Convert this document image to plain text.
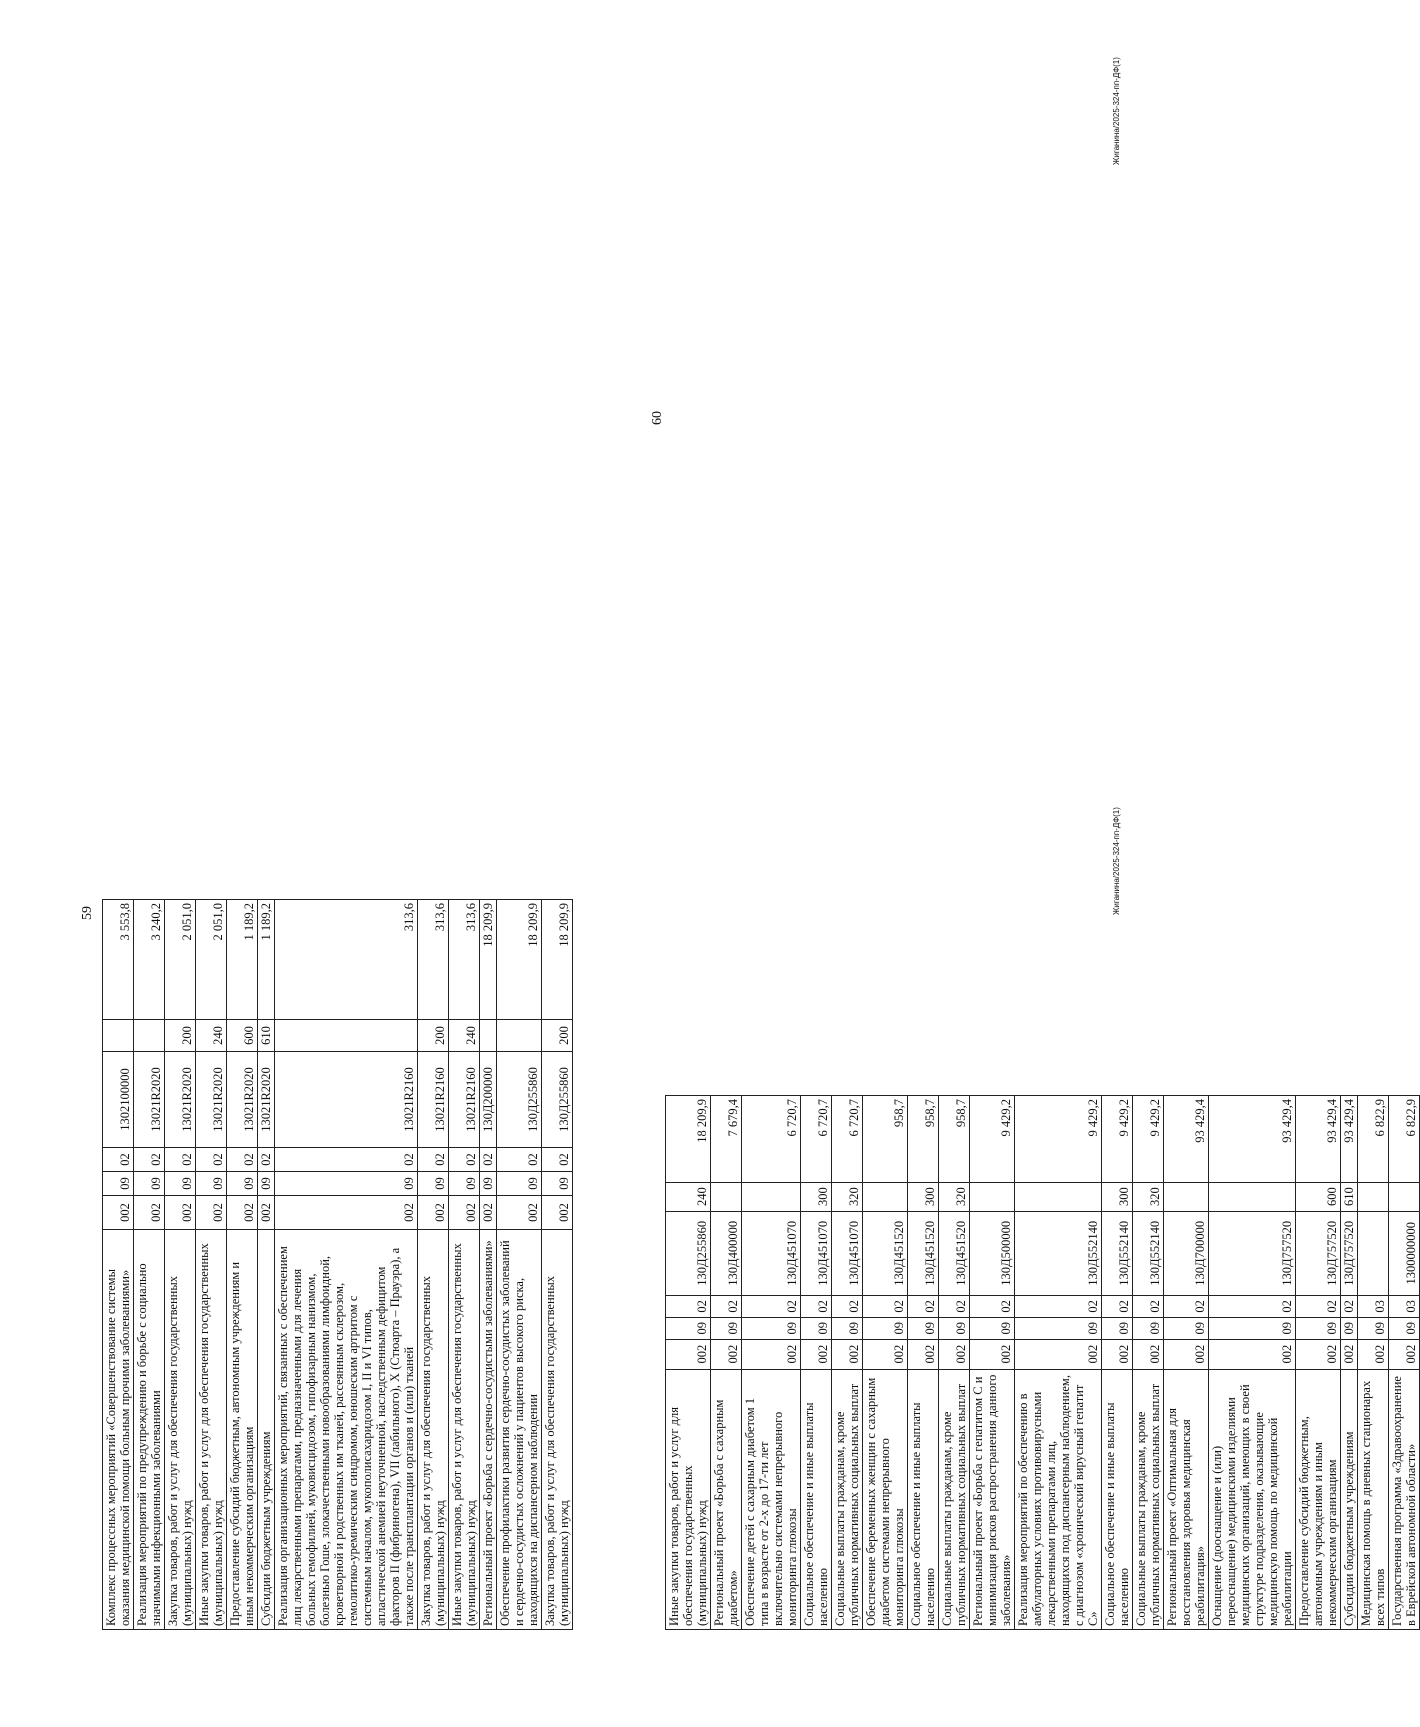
59
60
Комплекс процессных мероприятий «Совершенствование системы оказания медицинской помощи больным прочими заболеваниями»	002	09	02	1302100000		3 553,8
Реализация мероприятий по предупреждению и борьбе с социально значимыми инфекционными заболеваниями	002	09	02	13021R2020		3 240,2
Закупка товаров, работ и услуг для обеспечения государственных (муниципальных) нужд	002	09	02	13021R2020	200	2 051,0
Иные закупки товаров, работ и услуг для обеспечения государственных (муниципальных) нужд	002	09	02	13021R2020	240	2 051,0
Предоставление субсидий бюджетным, автономным учреждениям и иным некоммерческим организациям	002	09	02	13021R2020	600	1 189,2
Субсидии бюджетным учреждениям	002	09	02	13021R2020	610	1 189,2
Реализация организационных мероприятий, связанных с обеспечением лиц лекарственными препаратами, предназначенными для лечения больных гемофилией, муковисцидозом, гипофизарным нанизмом, болезнью Гоше, злокачественными новообразованиями лимфоидной, кроветворной и родственных им тканей, рассеянным склерозом, гемолитико-уремическим синдромом, юношеским артритом с системным началом, мукополисахаридозом I, II и VI типов, апластической анемией неуточненной, наследственным дефицитом факторов II (фибриногена), VII (лабильного), X (Стюарта – Прауэра), а также после трансплантации органов и (или) тканей	002	09	02	13021R2160		313,6
Закупка товаров, работ и услуг для обеспечения государственных (муниципальных) нужд	002	09	02	13021R2160	200	313,6
Иные закупки товаров, работ и услуг для обеспечения государственных (муниципальных) нужд	002	09	02	13021R2160	240	313,6
Региональный проект «Борьба с сердечно-сосудистыми заболеваниями»	002	09	02	130Д200000		18 209,9
Обеспечение профилактики развития сердечно-сосудистых заболеваний и сердечно-сосудистых осложнений у пациентов высокого риска, находящихся на диспансерном наблюдении	002	09	02	130Д255860		18 209,9
Закупка товаров, работ и услуг для обеспечения государственных (муниципальных) нужд	002	09	02	130Д255860	200	18 209,9
Иные закупки товаров, работ и услуг для обеспечения государственных (муниципальных) нужд	002	09	02	130Д255860	240	18 209,9
Региональный проект «Борьба с сахарным диабетом»	002	09	02	130Д400000		7 679,4
Обеспечение детей с сахарным диабетом 1 типа в возрасте от 2-х до 17-ти лет включительно системами непрерывного мониторинга глюкозы	002	09	02	130Д451070		6 720,7
Социальное обеспечение и иные выплаты населению	002	09	02	130Д451070	300	6 720,7
Социальные выплаты гражданам, кроме публичных нормативных социальных выплат	002	09	02	130Д451070	320	6 720,7
Обеспечение беременных женщин с сахарным диабетом системами непрерывного мониторинга глюкозы	002	09	02	130Д451520		958,7
Социальное обеспечение и иные выплаты населению	002	09	02	130Д451520	300	958,7
Социальные выплаты гражданам, кроме публичных нормативных социальных выплат	002	09	02	130Д451520	320	958,7
Региональный проект «Борьба с гепатитом С и минимизация рисков распространения данного заболевания»	002	09	02	130Д500000		9 429,2
Реализация мероприятий по обеспечению в амбулаторных условиях противовирусными лекарственными препаратами лиц, находящихся под диспансерным наблюдением, с диагнозом «хронический вирусный гепатит С»	002	09	02	130Д552140		9 429,2
Социальное обеспечение и иные выплаты населению	002	09	02	130Д552140	300	9 429,2
Социальные выплаты гражданам, кроме публичных нормативных социальных выплат	002	09	02	130Д552140	320	9 429,2
Региональный проект «Оптимальная для восстановления здоровья медицинская реабилитация»	002	09	02	130Д700000		93 429,4
Оснащение (дооснащение и (или) переоснащение) медицинскими изделиями медицинских организаций, имеющих в своей структуре подразделения, оказывающие медицинскую помощь по медицинской реабилитации	002	09	02	130Д757520		93 429,4
Предоставление субсидий бюджетным, автономным учреждениям и иным некоммерческим организациям	002	09	02	130Д757520	600	93 429,4
Субсидии бюджетным учреждениям	002	09	02	130Д757520	610	93 429,4
Медицинская помощь в дневных стационарах всех типов	002	09	03			6 822,9
Государственная программа «Здравоохранение в Еврейской автономной области»	002	09	03	1300000000		6 822,9
Жиганина/2025-324-пп-ДФ(1)
Жиганина/2025-324-пп-ДФ(1)
